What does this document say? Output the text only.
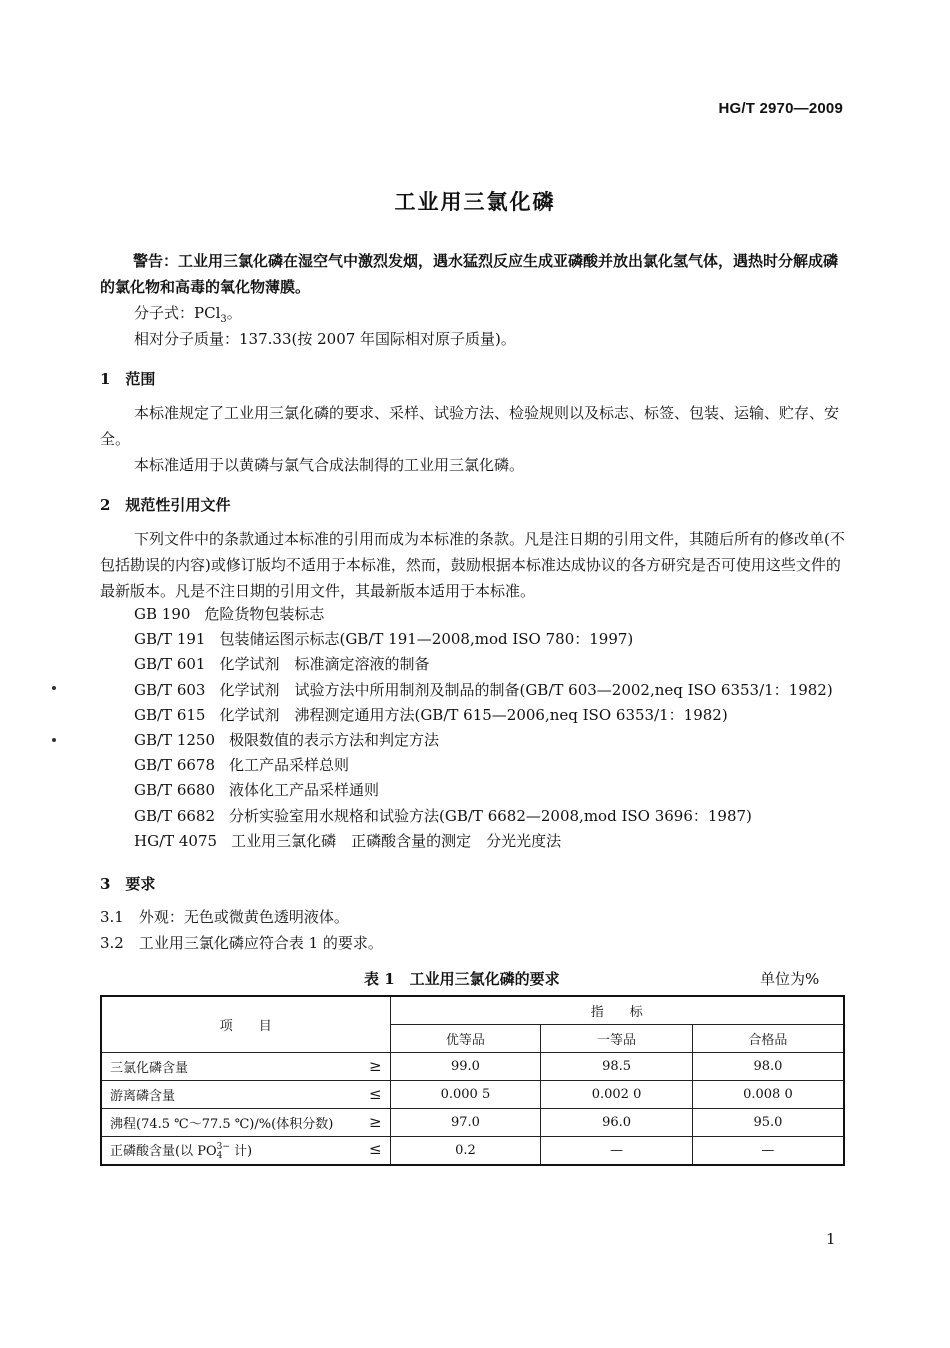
HG/T 2970—2009
工业用三氯化磷
警告：工业用三氯化磷在湿空气中激烈发烟，遇水猛烈反应生成亚磷酸并放出氯化氢气体，遇热时分解成磷的氯化物和高毒的氧化物薄膜。
分子式：PCl$_3$。
相对分子质量：137.33(按 2007 年国际相对原子质量)。
1　范围
本标准规定了工业用三氯化磷的要求、采样、试验方法、检验规则以及标志、标签、包装、运输、贮存、安全。
本标准适用于以黄磷与氯气合成法制得的工业用三氯化磷。
2　规范性引用文件
下列文件中的条款通过本标准的引用而成为本标准的条款。凡是注日期的引用文件，其随后所有的修改单(不包括勘误的内容)或修订版均不适用于本标准，然而，鼓励根据本标准达成协议的各方研究是否可使用这些文件的最新版本。凡是不注日期的引用文件，其最新版本适用于本标准。
GB 190 危险货物包装标志
GB/T 191 包装储运图示标志(GB/T 191—2008,mod ISO 780：1997)
GB/T 601 化学试剂　标准滴定溶液的制备
GB/T 603 化学试剂　试验方法中所用制剂及制品的制备(GB/T 603—2002,neq ISO 6353/1：1982)
GB/T 615 化学试剂　沸程测定通用方法(GB/T 615—2006,neq ISO 6353/1：1982)
GB/T 1250 极限数值的表示方法和判定方法
GB/T 6678 化工产品采样总则
GB/T 6680 液体化工产品采样通则
GB/T 6682 分析实验室用水规格和试验方法(GB/T 6682—2008,mod ISO 3696：1987)
HG/T 4075 工业用三氯化磷　正磷酸含量的测定　分光光度法
3　要求
3.1　外观：无色或微黄色透明液体。
3.2　工业用三氯化磷应符合表 1 的要求。
表 1　工业用三氯化磷的要求	单位为%
项　　目	指　　标		
	优等品	一等品	合格品
三氯化磷含量 ≥	99.0	98.5	98.0
游离磷含量 ≤	0.000 5	0.002 0	0.008 0
沸程(74.5 ℃～77.5 ℃)/%(体积分数) ≥	97.0	96.0	95.0
正磷酸含量(以 PO 3−
4 计) ≤	0.2	—	—
1
